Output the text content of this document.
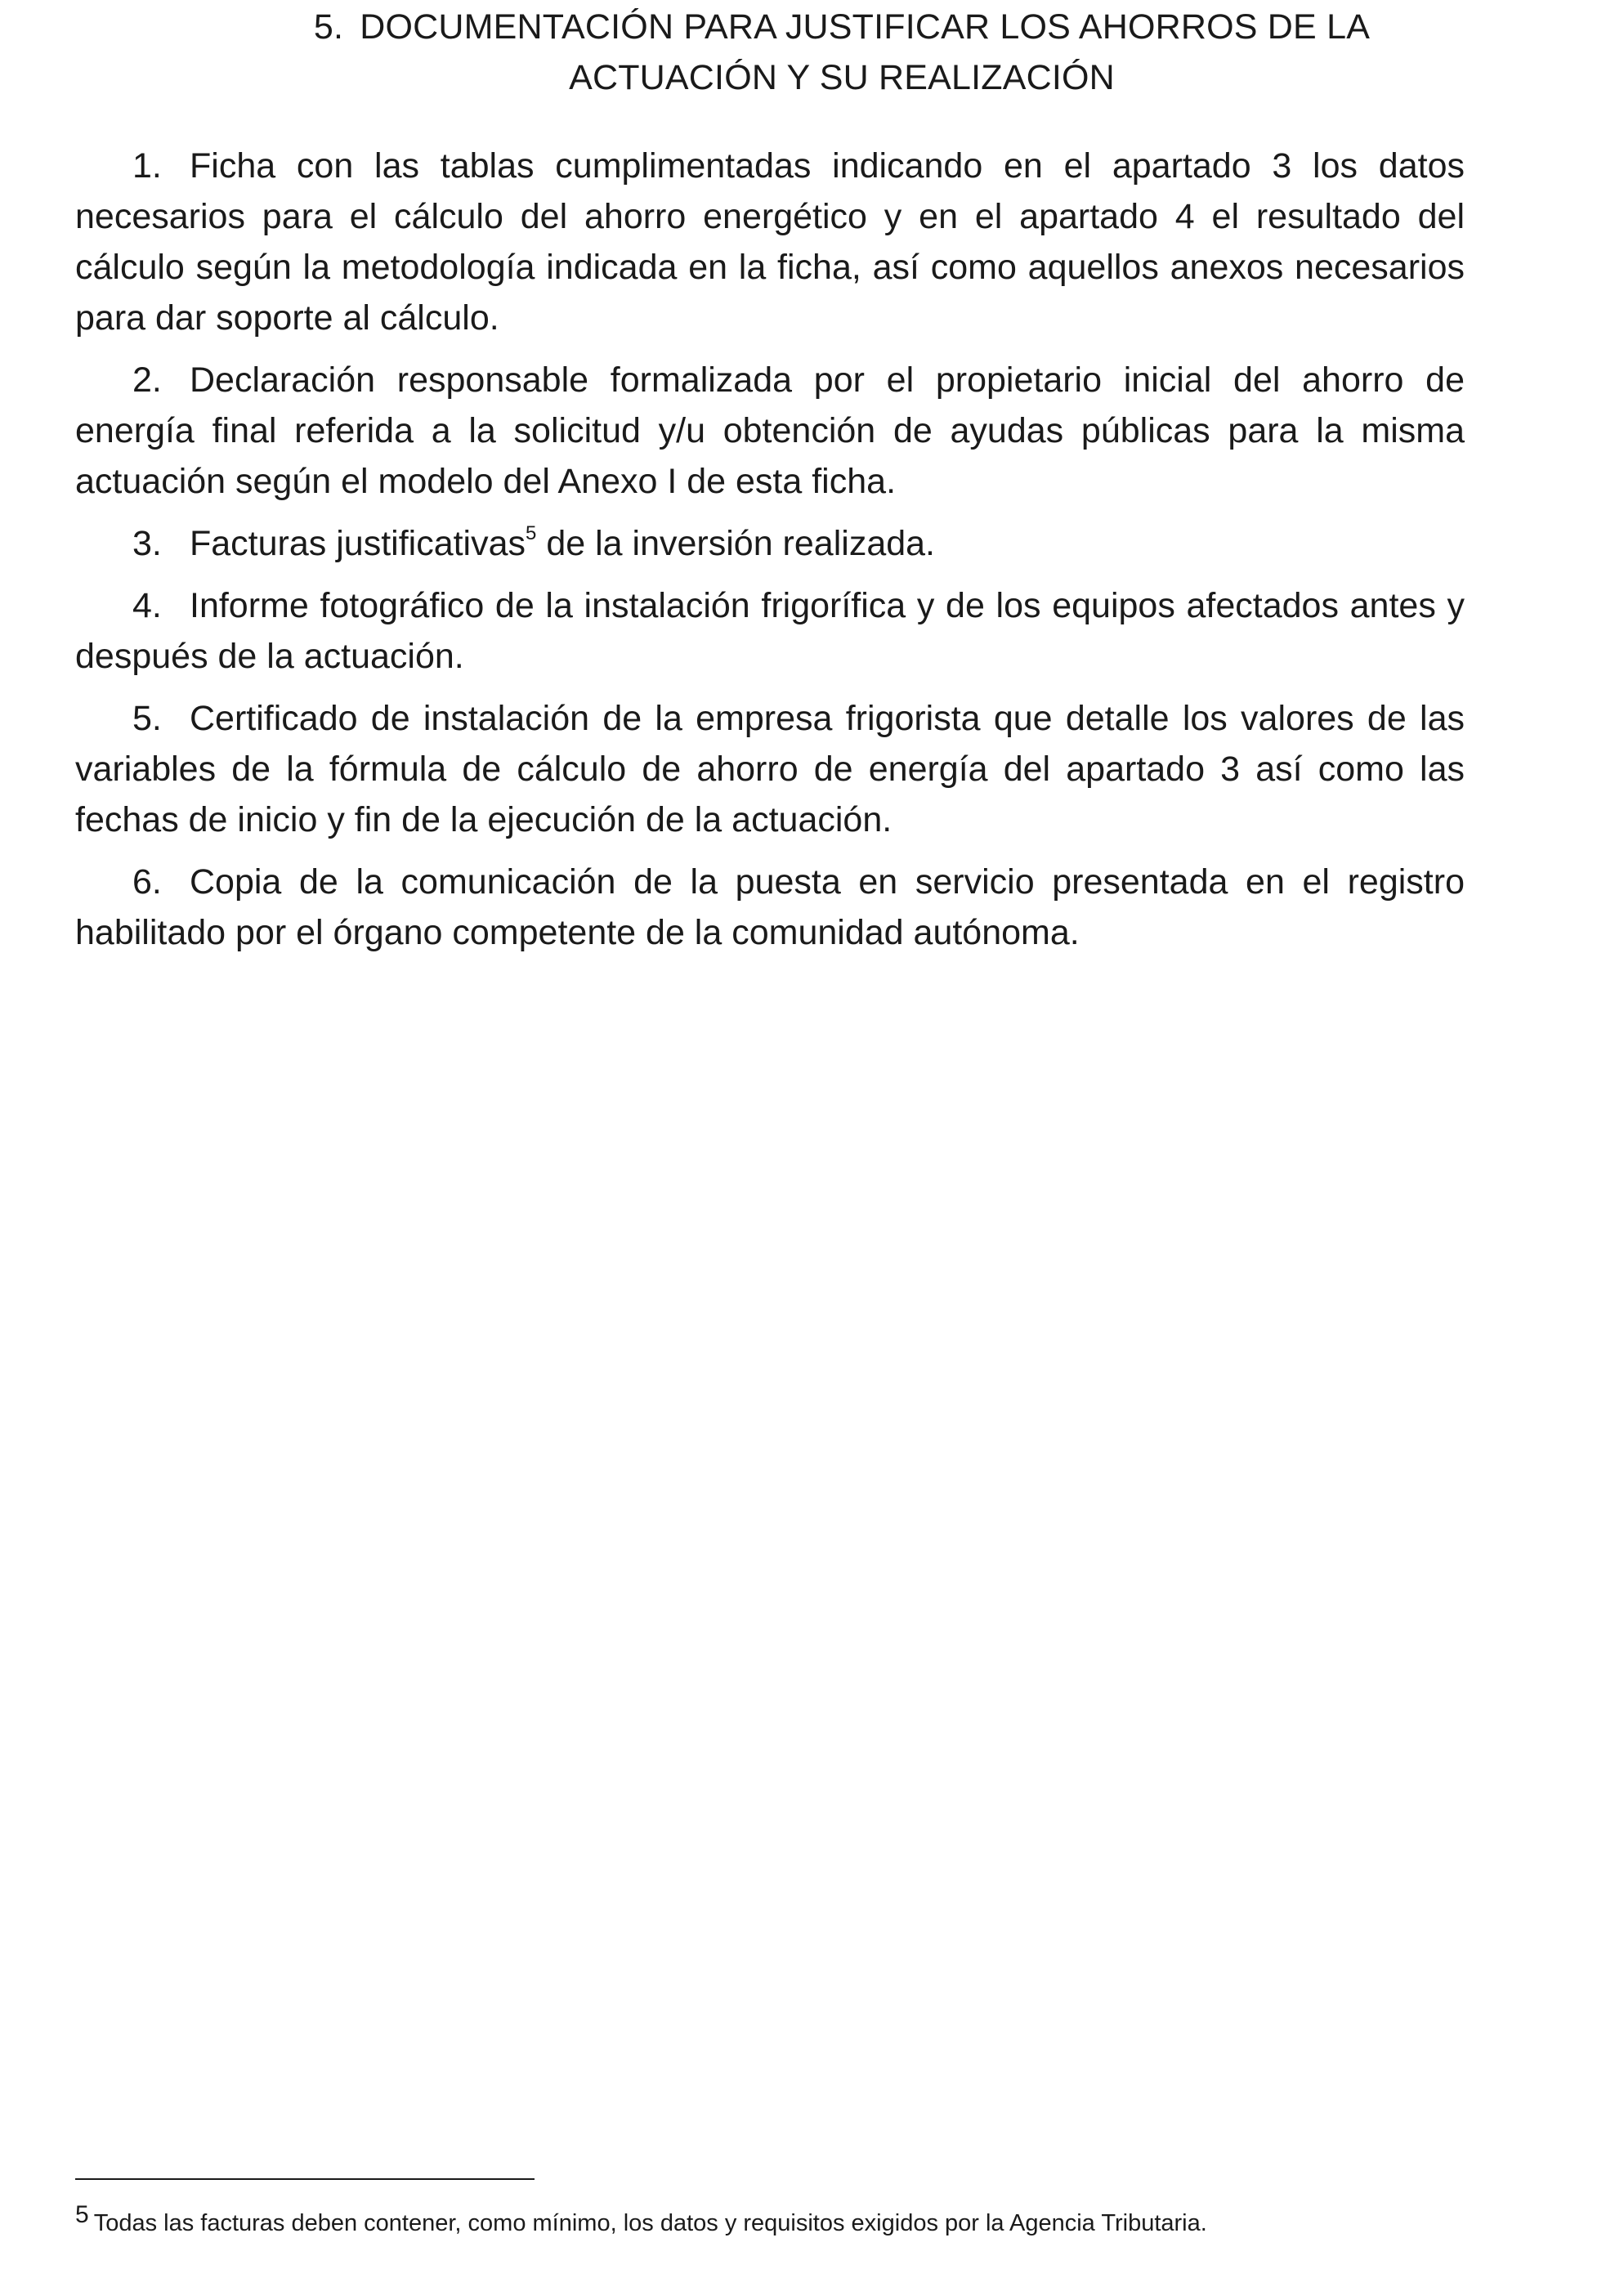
5. DOCUMENTACIÓN PARA JUSTIFICAR LOS AHORROS DE LA
ACTUACIÓN Y SU REALIZACIÓN

1. Ficha con las tablas cumplimentadas indicando en el apartado 3 los datos necesarios para el cálculo del ahorro energético y en el apartado 4 el resultado del cálculo según la metodología indicada en la ficha, así como aquellos anexos necesarios para dar soporte al cálculo.

2. Declaración responsable formalizada por el propietario inicial del ahorro de energía final referida a la solicitud y/u obtención de ayudas públicas para la misma actuación según el modelo del Anexo I de esta ficha.

3. Facturas justificativas$^5$ de la inversión realizada.

4. Informe fotográfico de la instalación frigorífica y de los equipos afectados antes y después de la actuación.

5. Certificado de instalación de la empresa frigorista que detalle los valores de las variables de la fórmula de cálculo de ahorro de energía del apartado 3 así como las fechas de inicio y fin de la ejecución de la actuación.

6. Copia de la comunicación de la puesta en servicio presentada en el registro habilitado por el órgano competente de la comunidad autónoma.

5 Todas las facturas deben contener, como mínimo, los datos y requisitos exigidos por la Agencia Tributaria.
